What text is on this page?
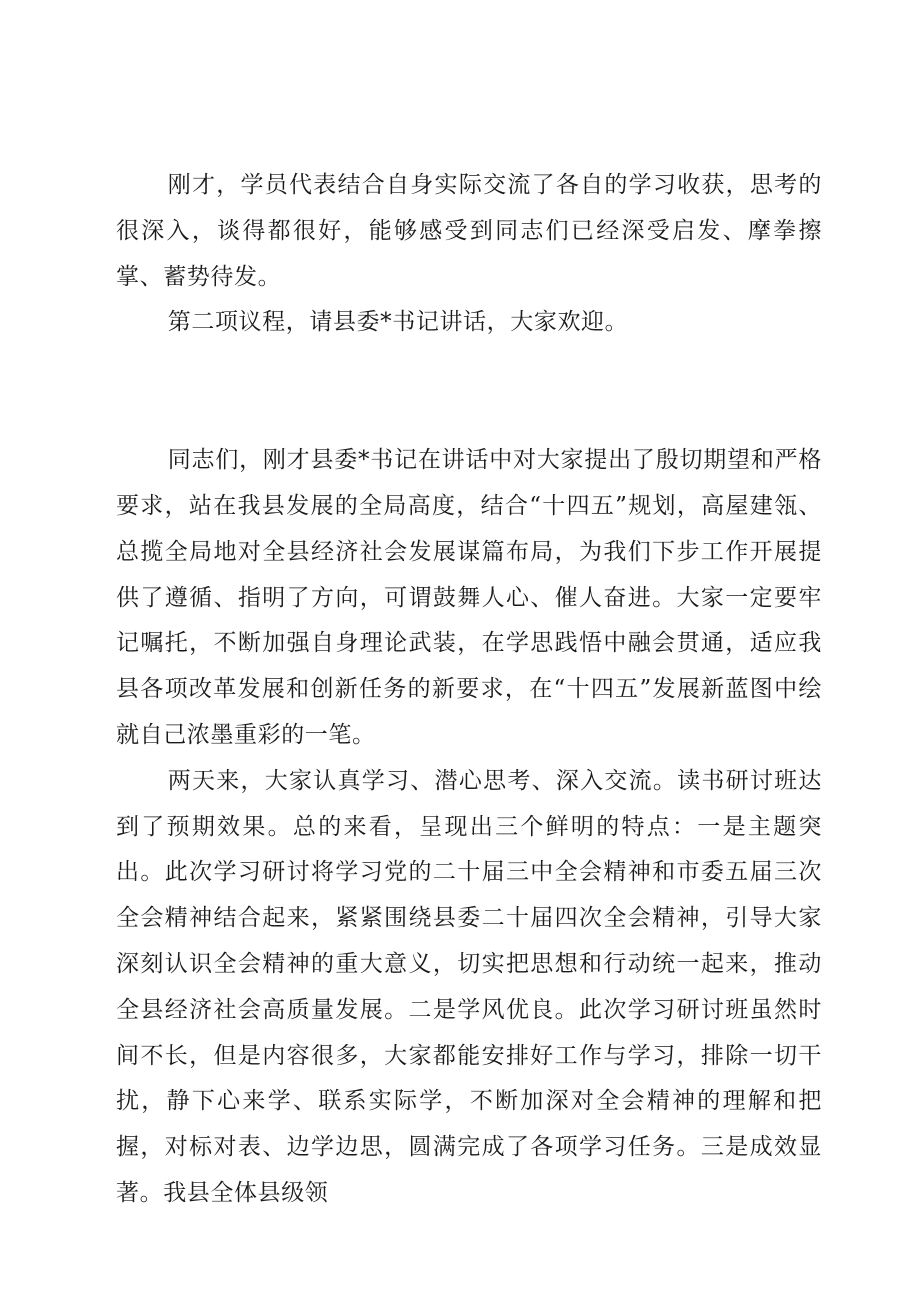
刚才，学员代表结合自身实际交流了各自的学习收获，思考的很深入，谈得都很好，能够感受到同志们已经深受启发、摩拳擦掌、蓄势待发。

第二项议程，请县委*书记讲话，大家欢迎。

同志们，刚才县委*书记在讲话中对大家提出了殷切期望和严格要求，站在我县发展的全局高度，结合“十四五”规划，高屋建瓴、总揽全局地对全县经济社会发展谋篇布局，为我们下步工作开展提供了遵循、指明了方向，可谓鼓舞人心、催人奋进。大家一定要牢记嘱托，不断加强自身理论武装，在学思践悟中融会贯通，适应我县各项改革发展和创新任务的新要求，在“十四五”发展新蓝图中绘就自己浓墨重彩的一笔。

两天来，大家认真学习、潜心思考、深入交流。读书研讨班达到了预期效果。总的来看，呈现出三个鲜明的特点：一是主题突出。此次学习研讨将学习党的二十届三中全会精神和市委五届三次全会精神结合起来，紧紧围绕县委二十届四次全会精神，引导大家深刻认识全会精神的重大意义，切实把思想和行动统一起来，推动全县经济社会高质量发展。二是学风优良。此次学习研讨班虽然时间不长，但是内容很多，大家都能安排好工作与学习，排除一切干扰，静下心来学、联系实际学，不断加深对全会精神的理解和把握，对标对表、边学边思，圆满完成了各项学习任务。三是成效显著。我县全体县级领
